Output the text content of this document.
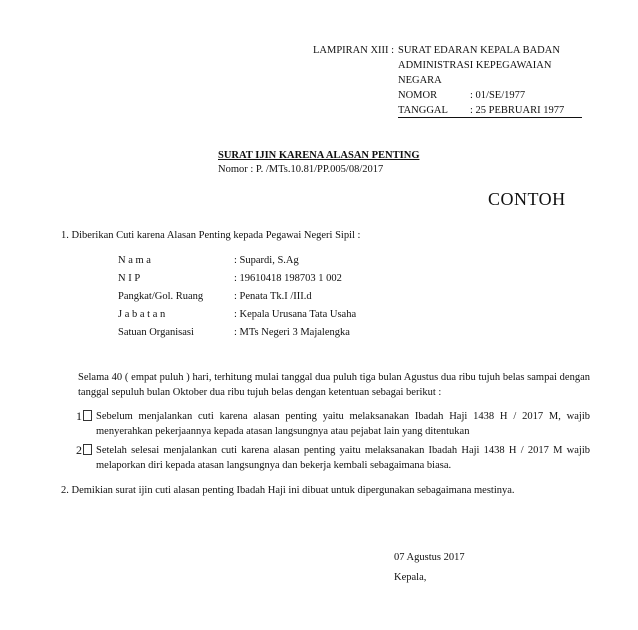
LAMPIRAN XIII : SURAT EDARAN KEPALA BADAN
ADMINISTRASI KEPEGAWAIAN
NEGARA
NOMOR	: 01/SE/1977
TANGGAL : 25 PEBRUARI 1977
SURAT IJIN KARENA ALASAN PENTING
Nomor : P. /MTs.10.81/PP.005/08/2017
CONTOH
1. Diberikan Cuti karena Alasan Penting kepada Pegawai Negeri Sipil :
N a m a	: Supardi, S.Ag
N I P	: 19610418 198703 1 002
Pangkat/Gol. Ruang	: Penata Tk.I /III.d
J a b a t a n	: Kepala Urusana Tata Usaha
Satuan Organisasi	: MTs Negeri 3 Majalengka
Selama 40 ( empat puluh ) hari, terhitung mulai tanggal dua puluh tiga bulan Agustus dua ribu tujuh belas sampai dengan tanggal sepuluh bulan Oktober dua ribu tujuh belas dengan ketentuan sebagai berikut :
1	Sebelum menjalankan cuti karena alasan penting yaitu melaksanakan Ibadah Haji 1438 H / 2017 M, wajib menyerahkan pekerjaannya kepada atasan langsungnya atau pejabat lain yang ditentukan
2	Setelah selesai menjalankan cuti karena alasan penting yaitu melaksanakan Ibadah Haji 1438 H / 2017 M wajib melaporkan diri kepada atasan langsungnya dan bekerja kembali sebagaimana biasa.
2. Demikian surat ijin cuti alasan penting Ibadah Haji ini dibuat untuk dipergunakan sebagaimana mestinya.
07 Agustus 2017
Kepala,
